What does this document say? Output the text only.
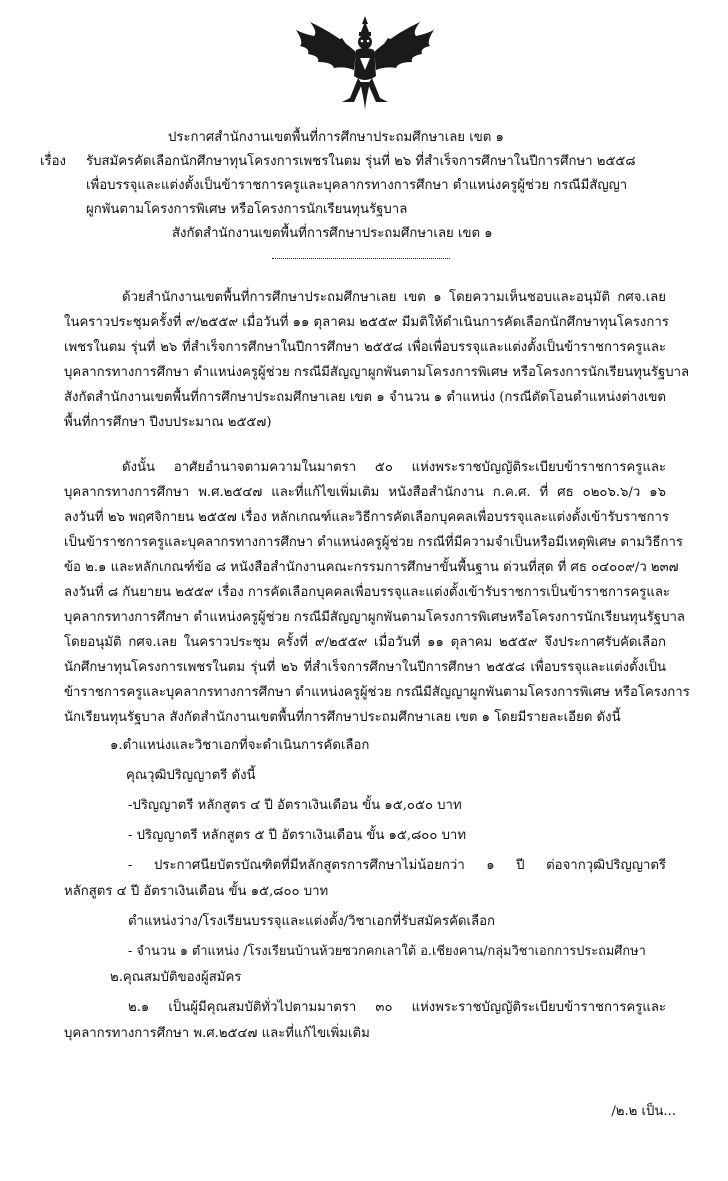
ประกาศสำนักงานเขตพื้นที่การศึกษาประถมศึกษาเลย เขต ๑
เรื่อง รับสมัครคัดเลือกนักศึกษาทุนโครงการเพชรในตม รุ่นที่ ๒๖ ที่สำเร็จการศึกษาในปีการศึกษา ๒๕๕๘
เพื่อบรรจุและแต่งตั้งเป็นข้าราชการครูและบุคลากรทางการศึกษา ตำแหน่งครูผู้ช่วย กรณีมีสัญญา
ผูกพันตามโครงการพิเศษ หรือโครงการนักเรียนทุนรัฐบาล
สังกัดสำนักงานเขตพื้นที่การศึกษาประถมศึกษาเลย เขต ๑
ด้วยสำนักงานเขตพื้นที่การศึกษาประถมศึกษาเลย เขต ๑ โดยความเห็นชอบและอนุมัติ กศจ.เลย
ในคราวประชุมครั้งที่ ๙/๒๕๕๙ เมื่อวันที่ ๑๑ ตุลาคม ๒๕๕๙ มีมติให้ดำเนินการคัดเลือกนักศึกษาทุนโครงการ
เพชรในตม รุ่นที่ ๒๖ ที่สำเร็จการศึกษาในปีการศึกษา ๒๕๕๘ เพื่อเพื่อบรรจุและแต่งตั้งเป็นข้าราชการครูและ
บุคลากรทางการศึกษา ตำแหน่งครูผู้ช่วย กรณีมีสัญญาผูกพันตามโครงการพิเศษ หรือโครงการนักเรียนทุนรัฐบาล
สังกัดสำนักงานเขตพื้นที่การศึกษาประถมศึกษาเลย เขต ๑ จำนวน ๑ ตำแหน่ง (กรณีตัดโอนตำแหน่งต่างเขต
พื้นที่การศึกษา ปีงบประมาณ ๒๕๕๗)
ดังนั้น อาศัยอำนาจตามความในมาตรา ๕๐ แห่งพระราชบัญญัติระเบียบข้าราชการครูและ
บุคลากรทางการศึกษา พ.ศ.๒๕๔๗ และที่แก้ไขเพิ่มเติม หนังสือสำนักงาน ก.ค.ศ. ที่ ศธ ๐๒๐๖.๖/ว ๑๖
ลงวันที่ ๒๖ พฤศจิกายน ๒๕๕๗ เรื่อง หลักเกณฑ์และวิธีการคัดเลือกบุคคลเพื่อบรรจุและแต่งตั้งเข้ารับราชการ
เป็นข้าราชการครูและบุคลากรทางการศึกษา ตำแหน่งครูผู้ช่วย กรณีที่มีความจำเป็นหรือมีเหตุพิเศษ ตามวิธีการ
ข้อ ๒.๑ และหลักเกณฑ์ข้อ ๘ หนังสือสำนักงานคณะกรรมการศึกษาขั้นพื้นฐาน ด่วนที่สุด ที่ ศธ ๐๔๐๐๙/ว ๒๓๗
ลงวันที่ ๘ กันยายน ๒๕๕๙ เรื่อง การคัดเลือกบุคคลเพื่อบรรจุและแต่งตั้งเข้ารับราชการเป็นข้าราชการครูและ
บุคลากรทางการศึกษา ตำแหน่งครูผู้ช่วย กรณีมีสัญญาผูกพันตามโครงการพิเศษหรือโครงการนักเรียนทุนรัฐบาล
โดยอนุมัติ กศจ.เลย ในคราวประชุม ครั้งที่ ๙/๒๕๕๙ เมื่อวันที่ ๑๑ ตุลาคม ๒๕๕๙ จึงประกาศรับคัดเลือก
นักศึกษาทุนโครงการเพชรในตม รุ่นที่ ๒๖ ที่สำเร็จการศึกษาในปีการศึกษา ๒๕๕๘ เพื่อบรรจุและแต่งตั้งเป็น
ข้าราชการครูและบุคลากรทางการศึกษา ตำแหน่งครูผู้ช่วย กรณีมีสัญญาผูกพันตามโครงการพิเศษ หรือโครงการ
นักเรียนทุนรัฐบาล สังกัดสำนักงานเขตพื้นที่การศึกษาประถมศึกษาเลย เขต ๑ โดยมีรายละเอียด ดังนี้
๑.ตำแหน่งและวิชาเอกที่จะดำเนินการคัดเลือก
คุณวุฒิปริญญาตรี ดังนี้
-ปริญญาตรี หลักสูตร ๔ ปี อัตราเงินเดือน ขั้น ๑๕,๐๕๐ บาท
- ปริญญาตรี หลักสูตร ๕ ปี อัตราเงินเดือน ขั้น ๑๕,๘๐๐ บาท
- ประกาศนียบัตรบัณฑิตที่มีหลักสูตรการศึกษาไม่น้อยกว่า ๑ ปี ต่อจากวุฒิปริญญาตรี
หลักสูตร ๔ ปี อัตราเงินเดือน ขั้น ๑๕,๘๐๐ บาท
ตำแหน่งว่าง/โรงเรียนบรรจุและแต่งตั้ง/วิชาเอกที่รับสมัครคัดเลือก
- จำนวน ๑ ตำแหน่ง /โรงเรียนบ้านห้วยซวกคกเลาใต้ อ.เชียงคาน/กลุ่มวิชาเอกการประถมศึกษา
๒.คุณสมบัติของผู้สมัคร
๒.๑ เป็นผู้มีคุณสมบัติทั่วไปตามมาตรา ๓๐ แห่งพระราชบัญญัติระเบียบข้าราชการครูและ
บุคลากรทางการศึกษา พ.ศ.๒๕๔๗ และที่แก้ไขเพิ่มเติม
/๒.๒ เป็น...
